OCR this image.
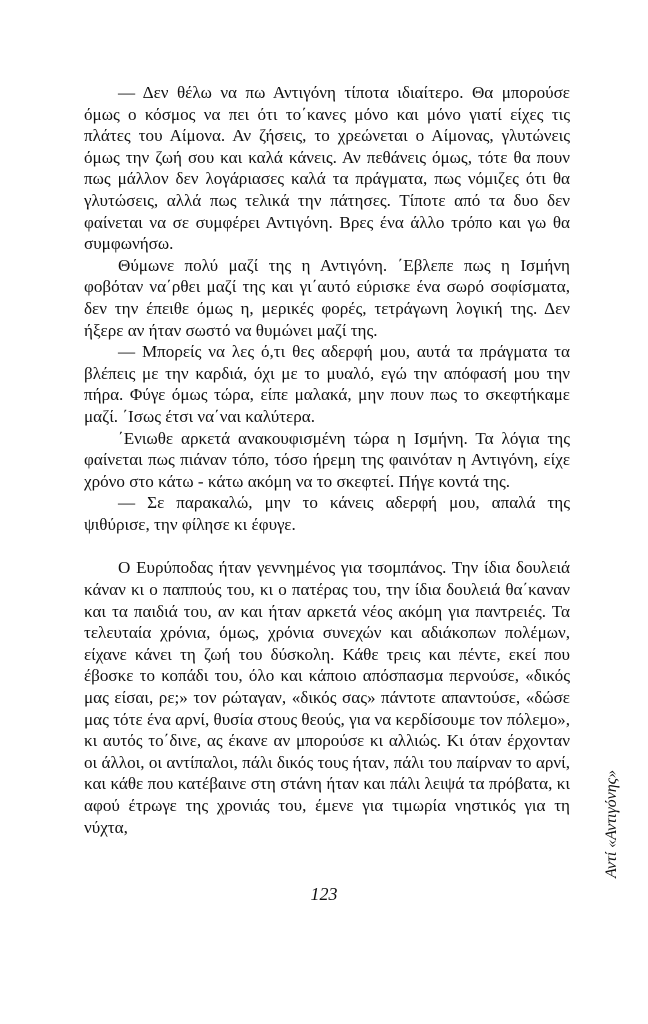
— Δεν θέλω να πω Αντιγόνη τίποτα ιδιαίτερο. Θα μπορούσε όμως ο κόσμος να πει ότι το΄κανες μόνο και μόνο γιατί είχες τις πλάτες του Αίμονα. Αν ζήσεις, το χρεώνεται ο Αίμονας, γλυτώνεις όμως την ζωή σου και καλά κάνεις. Αν πεθάνεις όμως, τότε θα πουν πως μάλλον δεν λογάριασες καλά τα πράγματα, πως νόμιζες ότι θα γλυτώσεις, αλλά πως τελικά την πάτησες. Τίποτε από τα δυο δεν φαίνεται να σε συμφέρει Αντιγόνη. Βρες ένα άλλο τρόπο και γω θα συμφωνήσω.

Θύμωνε πολύ μαζί της η Αντιγόνη. ΄Εβλεπε πως η Ισμήνη φοβόταν να΄ρθει μαζί της και γι΄αυτό εύρισκε ένα σωρό σοφίσματα, δεν την έπειθε όμως η, μερικές φορές, τετράγωνη λογική της. Δεν ήξερε αν ήταν σωστό να θυμώνει μαζί της.

— Μπορείς να λες ό,τι θες αδερφή μου, αυτά τα πράγματα τα βλέπεις με την καρδιά, όχι με το μυαλό, εγώ την απόφασή μου την πήρα. Φύγε όμως τώρα, είπε μαλακά, μην πουν πως το σκεφτήκαμε μαζί. ΄Ισως έτσι να΄ναι καλύτερα.

΄Ενιωθε αρκετά ανακουφισμένη τώρα η Ισμήνη. Τα λόγια της φαίνεται πως πιάναν τόπο, τόσο ήρεμη της φαινόταν η Αντιγόνη, είχε χρόνο στο κάτω - κάτω ακόμη να το σκεφτεί. Πήγε κοντά της.

— Σε παρακαλώ, μην το κάνεις αδερφή μου, απαλά της ψιθύρισε, την φίλησε κι έφυγε.

Ο Ευρύποδας ήταν γεννημένος για τσομπάνος. Την ίδια δουλειά κάναν κι ο παππούς του, κι ο πατέρας του, την ίδια δουλειά θα΄καναν και τα παιδιά του, αν και ήταν αρκετά νέος ακόμη για παντρειές. Τα τελευταία χρόνια, όμως, χρόνια συνεχών και αδιάκοπων πολέμων, είχανε κάνει τη ζωή του δύσκολη. Κάθε τρεις και πέντε, εκεί που έβοσκε το κοπάδι του, όλο και κάποιο απόσπασμα περνούσε, «δικός μας είσαι, ρε;» τον ρώταγαν, «δικός σας» πάντοτε απαντούσε, «δώσε μας τότε ένα αρνί, θυσία στους θεούς, για να κερδίσουμε τον πόλεμο», κι αυτός το΄δινε, ας έκανε αν μπορούσε κι αλλιώς. Κι όταν έρχονταν οι άλλοι, οι αντίπαλοι, πάλι δικός τους ήταν, πάλι του παίρναν το αρνί, και κάθε που κατέβαινε στη στάνη ήταν και πάλι λειψά τα πρόβατα, κι αφού έτρωγε της χρονιάς του, έμενε για τιμωρία νηστικός για τη νύχτα,

123
Αντί «Αντιγόνης»
